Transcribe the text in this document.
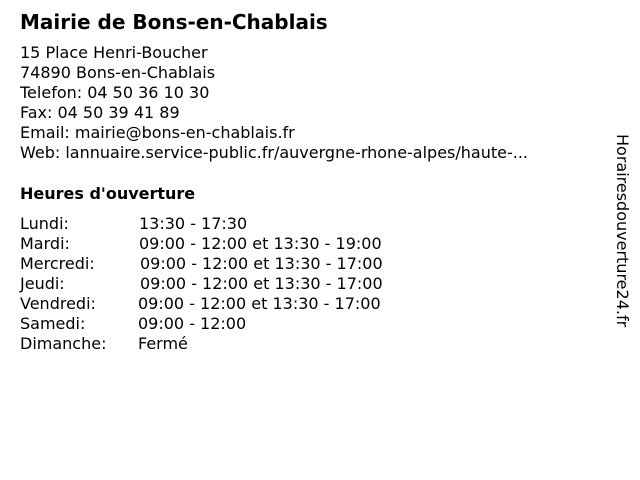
Mairie de Bons-en-Chablais
15 Place Henri-Boucher
74890 Bons-en-Chablais
Telefon: 04 50 36 10 30
Fax: 04 50 39 41 89
Email: mairie@bons-en-chablais.fr
Web: lannuaire.service-public.fr/auvergne-rhone-alpes/haute-...
Heures d'ouverture
Lundi:	13:30 - 17:30
Mardi:	09:00 - 12:00 et 13:30 - 19:00
Mercredi:	09:00 - 12:00 et 13:30 - 17:00
Jeudi:	09:00 - 12:00 et 13:30 - 17:00
Vendredi:	09:00 - 12:00 et 13:30 - 17:00
Samedi:	09:00 - 12:00
Dimanche: Fermé
Horairesdouverture24.fr
